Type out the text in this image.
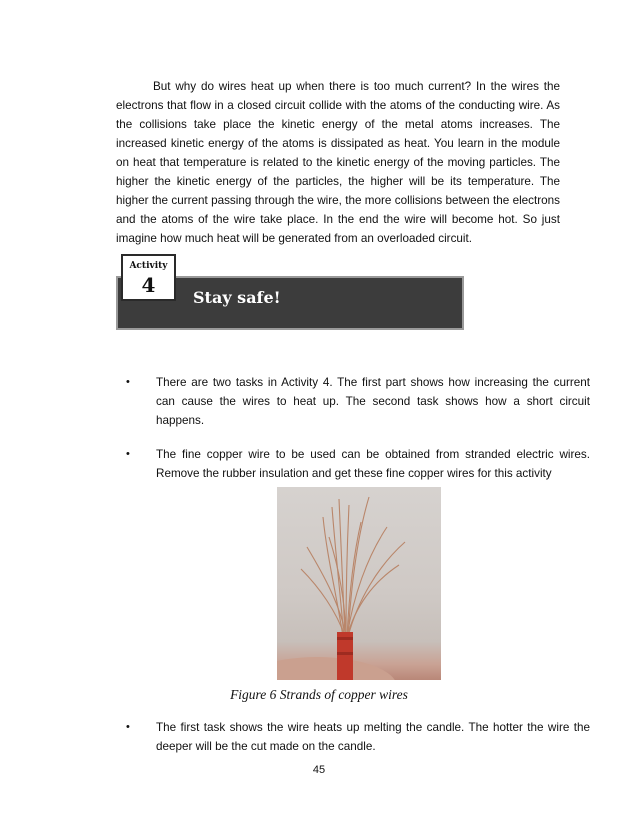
But why do wires heat up when there is too much current? In the wires the electrons that flow in a closed circuit collide with the atoms of the conducting wire. As the collisions take place the kinetic energy of the metal atoms increases. The increased kinetic energy of the atoms is dissipated as heat. You learn in the module on heat that temperature is related to the kinetic energy of the moving particles. The higher the kinetic energy of the particles, the higher will be its temperature. The higher the current passing through the wire, the more collisions between the electrons and the atoms of the wire take place. In the end the wire will become hot. So just imagine how much heat will be generated from an overloaded circuit.

Activity
4
Stay safe!
• There are two tasks in Activity 4. The first part shows how increasing the current can cause the wires to heat up. The second task shows how a short circuit happens.
• The fine copper wire to be used can be obtained from stranded electric wires. Remove the rubber insulation and get these fine copper wires for this activity
Figure 6 Strands of copper wires
• The first task shows the wire heats up melting the candle. The hotter the wire the deeper will be the cut made on the candle.
45
